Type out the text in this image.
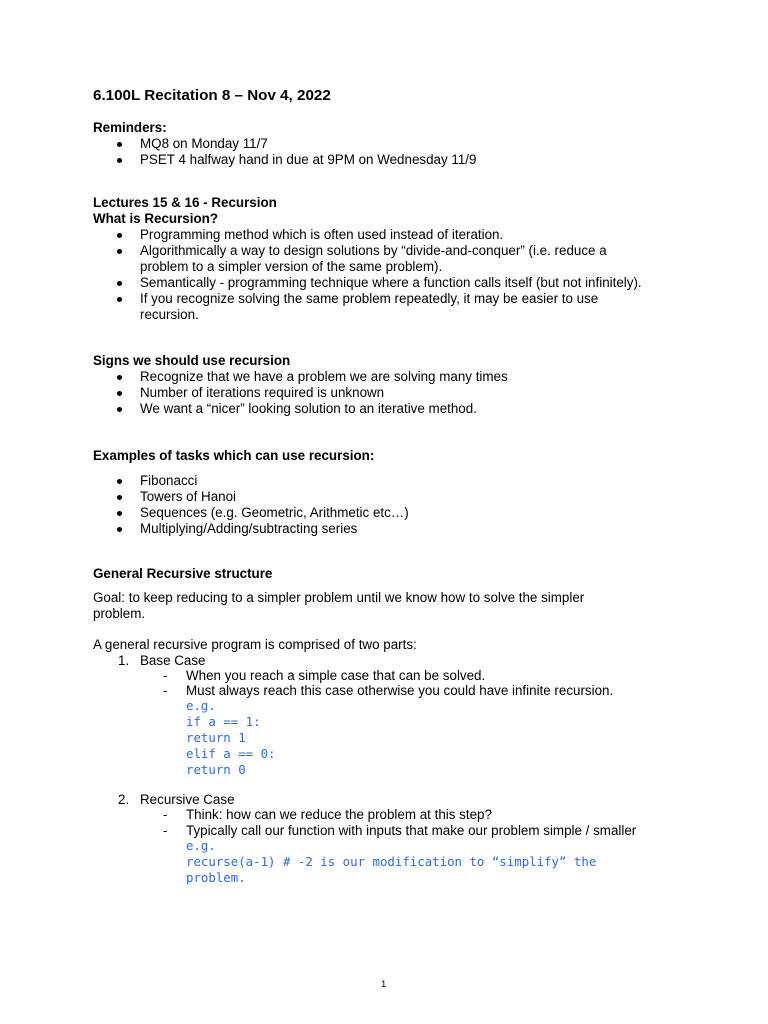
6.100L Recitation 8 – Nov 4, 2022
Reminders:
MQ8 on Monday 11/7
PSET 4 halfway hand in due at 9PM on Wednesday 11/9
Lectures 15 & 16 - Recursion
What is Recursion?
Programming method which is often used instead of iteration.
Algorithmically a way to design solutions by “divide-and-conquer” (i.e. reduce a
problem to a simpler version of the same problem).
Semantically - programming technique where a function calls itself (but not infinitely).
If you recognize solving the same problem repeatedly, it may be easier to use
recursion.
Signs we should use recursion
Recognize that we have a problem we are solving many times
Number of iterations required is unknown
We want a “nicer” looking solution to an iterative method.
Examples of tasks which can use recursion:
Fibonacci
Towers of Hanoi
Sequences (e.g. Geometric, Arithmetic etc…)
Multiplying/Adding/subtracting series
General Recursive structure
Goal: to keep reducing to a simpler problem until we know how to solve the simpler
problem.
A general recursive program is comprised of two parts:
1. Base Case
- When you reach a simple case that can be solved.
- Must always reach this case otherwise you could have infinite recursion.
e.g.
if a == 1:
return 1
elif a == 0:
return 0
2. Recursive Case
- Think: how can we reduce the problem at this step?
- Typically call our function with inputs that make our problem simple / smaller
e.g.
recurse(a-1) # -2 is our modification to “simplify” the
problem.
1
